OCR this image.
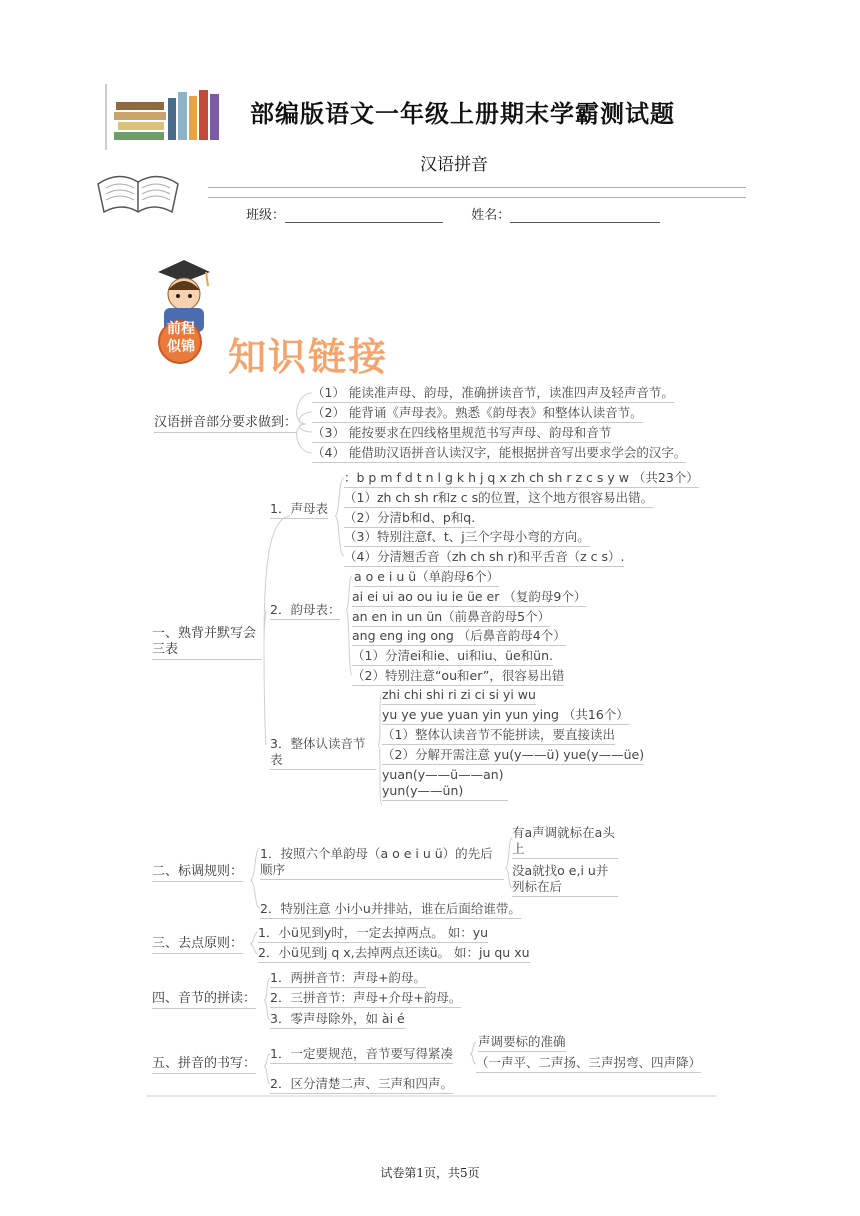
部编版语文一年级上册期末学霸测试题
汉语拼音
班级：	姓名：
前程
似锦 知识链接
汉语拼音部分要求做到：
（1） 能读准声母、韵母，准确拼读音节，读准四声及轻声音节。
（2） 能背诵《声母表》。熟悉《韵母表》和整体认读音节。
（3） 能按要求在四线格里规范书写声母、韵母和音节
（4） 能借助汉语拼音认读汉字，能根据拼音写出要求学会的汉字。
一、熟背并默写会三表
1．声母表
：b p m f d t n l g k h j q x zh ch sh r z c s y w （共23个）
（1）zh ch sh r和z c s的位置，这个地方很容易出错。
（2）分清b和d、p和q.
（3）特别注意f、t、j三个字母小弯的方向。
（4）分清翘舌音（zh ch sh r)和平舌音（z c s）.
2．韵母表：
a o e i u ü（单韵母6个）
ai ei ui ao ou iu ie üe er （复韵母9个）
an en in un ün（前鼻音韵母5个）
ang eng ing ong （后鼻音韵母4个）
（1）分清ei和ie、ui和iu、üe和ün.
（2）特别注意“ou和er”，很容易出错
3．整体认读音节表
zhi chi shi ri zi ci si yi wu
yu ye yue yuan yin yun ying （共16个）
（1）整体认读音节不能拼读，要直接读出
（2）分解开需注意 yu(y——ü) yue(y——üe)
yuan(y——ü——an) yun(y——ün)
二、标调规则：
1．按照六个单韵母（a o e i u ü）的先后顺序
有a声调就标在a头上
没a就找o e,i u并列标在后
2．特别注意 小i小u并排站，谁在后面给谁带。
三、去点原则：
1．小ü见到y时，一定去掉两点。 如：yu
2．小ü见到j q x,去掉两点还读ü。 如：ju qu xu
四、音节的拼读：
1．两拼音节：声母+韵母。
2．三拼音节：声母+介母+韵母。
3．零声母除外，如 ài é
五、拼音的书写：
1．一定要规范，音节要写得紧凑
声调要标的准确
（一声平、二声扬、三声拐弯、四声降）
2．区分清楚二声、三声和四声。
试卷第1页，共5页
